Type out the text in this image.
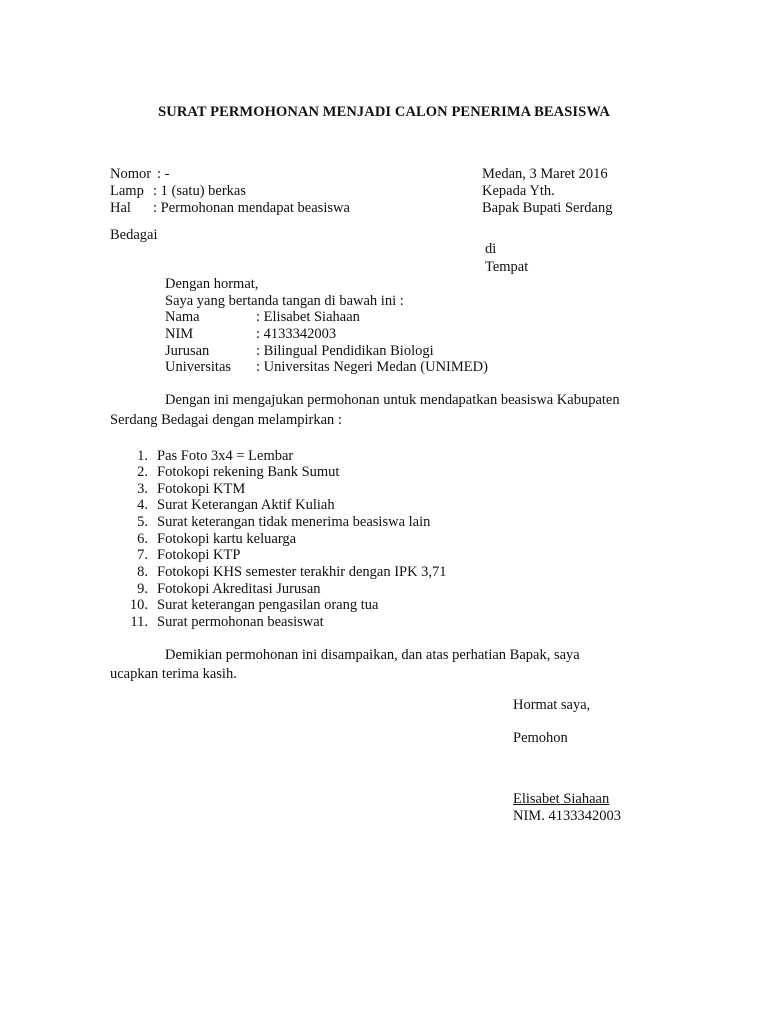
SURAT PERMOHONAN MENJADI CALON PENERIMA BEASISWA
Nomor : -
Lamp : 1 (satu) berkas
Hal : Permohonan mendapat beasiswa
Medan, 3 Maret 2016
Kepada Yth.
Bapak Bupati Serdang
Bedagai
di
Tempat
Dengan hormat,
Saya yang bertanda tangan di bawah ini :
Nama	: Elisabet Siahaan
NIM	: 4133342003
Jurusan	: Bilingual Pendidikan Biologi
Universitas : Universitas Negeri Medan (UNIMED)
Dengan ini mengajukan permohonan untuk mendapatkan beasiswa Kabupaten
Serdang Bedagai dengan melampirkan :
1. Pas Foto 3x4 = Lembar
2. Fotokopi rekening Bank Sumut
3. Fotokopi KTM
4. Surat Keterangan Aktif Kuliah
5. Surat keterangan tidak menerima beasiswa lain
6. Fotokopi kartu keluarga
7. Fotokopi KTP
8. Fotokopi KHS semester terakhir dengan IPK 3,71
9. Fotokopi Akreditasi Jurusan
10. Surat keterangan pengasilan orang tua
11. Surat permohonan beasiswat
Demikian permohonan ini disampaikan, dan atas perhatian Bapak, saya
ucapkan terima kasih.
Hormat saya,
Pemohon
Elisabet Siahaan
NIM. 4133342003
